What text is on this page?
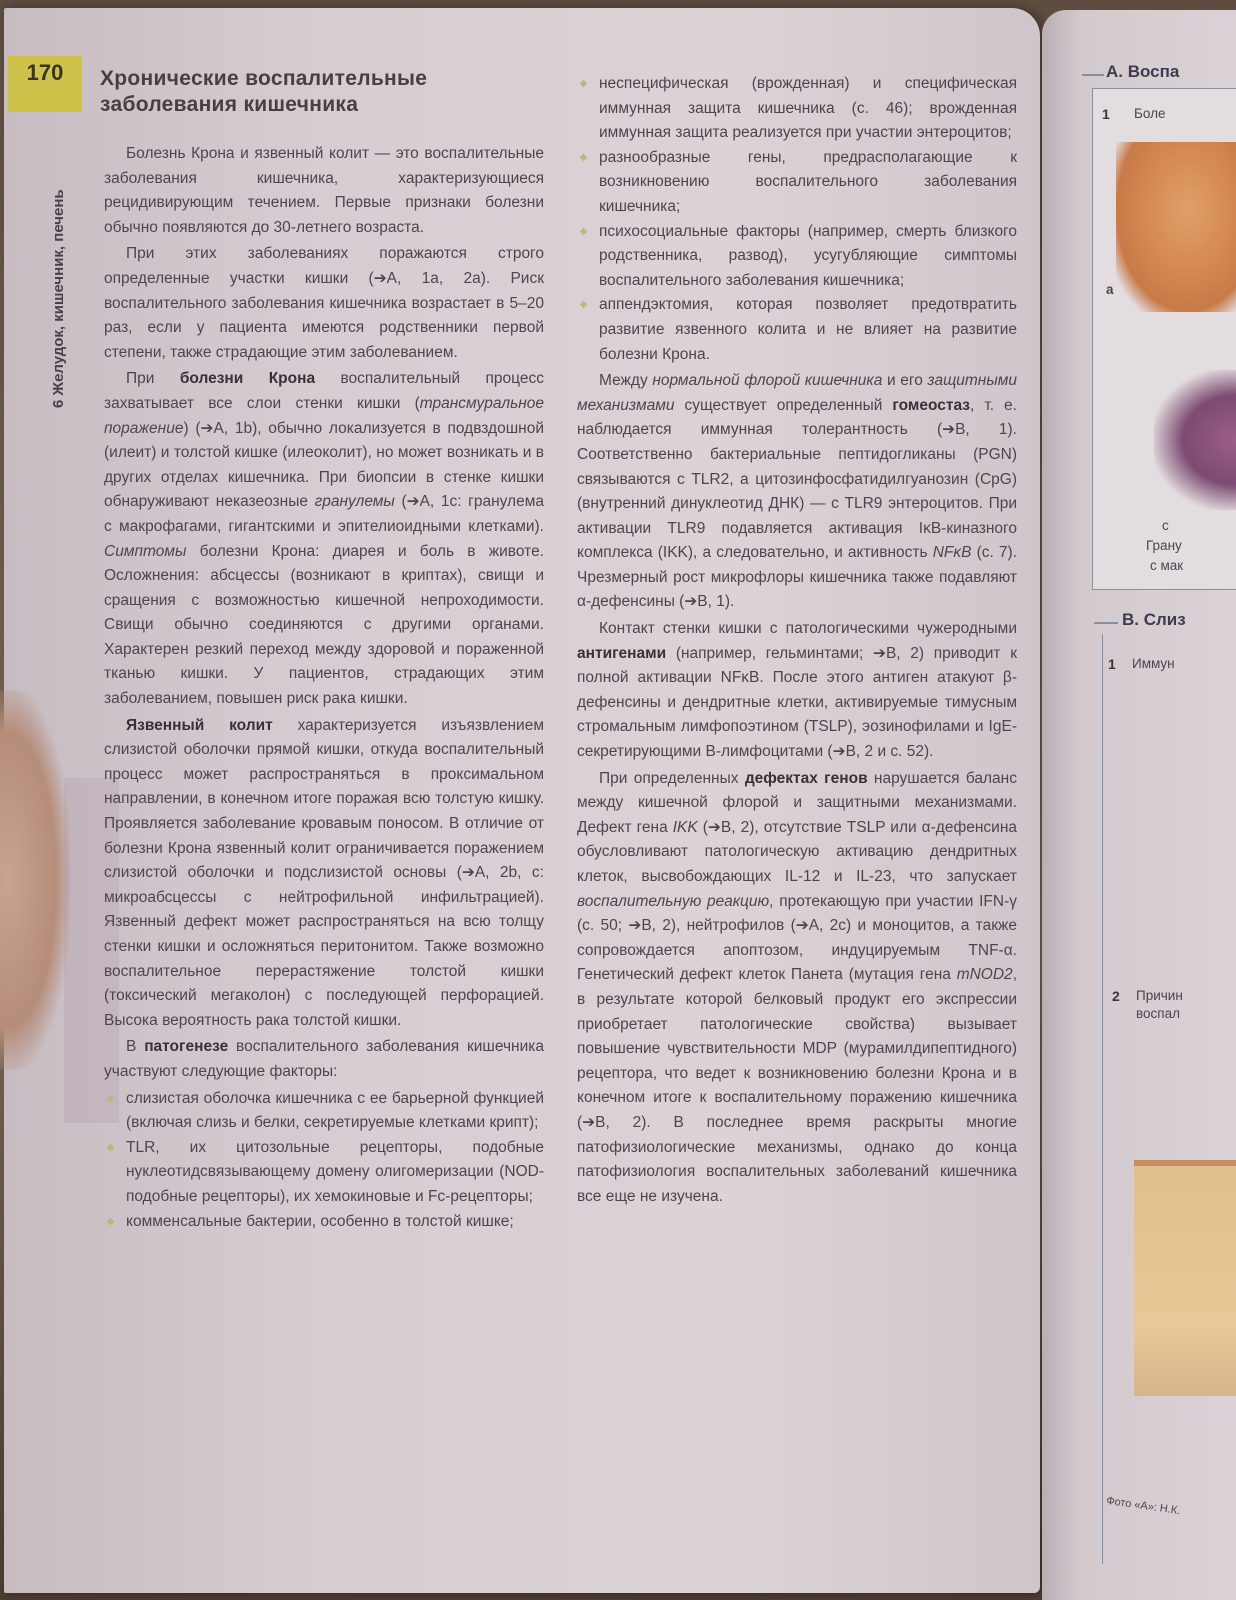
170	Хронические воспалительные
заболевания кишечника
6 Желудок, кишечник, печень

Болезнь Крона и язвенный колит — это воспалительные заболевания кишечника, характеризующиеся рецидивирующим течением. Первые признаки болезни обычно появляются до 30-летнего возраста.

При этих заболеваниях поражаются строго определенные участки кишки (➔A, 1a, 2a). Риск воспалительного заболевания кишечника возрастает в 5–20 раз, если у пациента имеются родственники первой степени, также страдающие этим заболеванием.

При болезни Крона воспалительный процесс захватывает все слои стенки кишки (трансмуральное поражение) (➔A, 1b), обычно локализуется в подвздошной (илеит) и толстой кишке (илеоколит), но может возникать и в других отделах кишечника. При биопсии в стенке кишки обнаруживают неказеозные гранулемы (➔A, 1c: гранулема с макрофагами, гигантскими и эпителиоидными клетками). Симптомы болезни Крона: диарея и боль в животе. Осложнения: абсцессы (возникают в криптах), свищи и сращения с возможностью кишечной непроходимости. Свищи обычно соединяются с другими органами. Характерен резкий переход между здоровой и пораженной тканью кишки. У пациентов, страдающих этим заболеванием, повышен риск рака кишки.

Язвенный колит характеризуется изъязвлением слизистой оболочки прямой кишки, откуда воспалительный процесс может распространяться в проксимальном направлении, в конечном итоге поражая всю толстую кишку. Проявляется заболевание кровавым поносом. В отличие от болезни Крона язвенный колит ограничивается поражением слизистой оболочки и подслизистой основы (➔A, 2b, c: микроабсцессы с нейтрофильной инфильтрацией). Язвенный дефект может распространяться на всю толщу стенки кишки и осложняться перитонитом. Также возможно воспалительное перерастяжение толстой кишки (токсический мегаколон) с последующей перфорацией. Высока вероятность рака толстой кишки.

В патогенезе воспалительного заболевания кишечника участвуют следующие факторы:

слизистая оболочка кишечника с ее барьерной функцией (включая слизь и белки, секретируемые клетками крипт);
TLR, их цитозольные рецепторы, подобные нуклеотидсвязывающему домену олигомеризации (NOD-подобные рецепторы), их хемокиновые и Fc-рецепторы;
комменсальные бактерии, особенно в толстой кишке;
неспецифическая (врожденная) и специфическая иммунная защита кишечника (с. 46); врожденная иммунная защита реализуется при участии энтероцитов;
разнообразные гены, предрасполагающие к возникновению воспалительного заболевания кишечника;
психосоциальные факторы (например, смерть близкого родственника, развод), усугубляющие симптомы воспалительного заболевания кишечника;
аппендэктомия, которая позволяет предотвратить развитие язвенного колита и не влияет на развитие болезни Крона.

Между нормальной флорой кишечника и его защитными механизмами существует определенный гомеостаз, т. е. наблюдается иммунная толерантность (➔B, 1). Соответственно бактериальные пептидогликаны (PGN) связываются с TLR2, а цитозинфосфатидилгуанозин (CpG) (внутренний динуклеотид ДНК) — с TLR9 энтероцитов. При активации TLR9 подавляется активация IκB-киназного комплекса (IKK), а следовательно, и активность NFκB (с. 7). Чрезмерный рост микрофлоры кишечника также подавляют α-дефенсины (➔B, 1).

Контакт стенки кишки с патологическими чужеродными антигенами (например, гельминтами; ➔B, 2) приводит к полной активации NFκB. После этого антиген атакуют β-дефенсины и дендритные клетки, активируемые тимусным стромальным лимфопоэтином (TSLP), эозинофилами и IgE-секретирующими B-лимфоцитами (➔B, 2 и с. 52).

При определенных дефектах генов нарушается баланс между кишечной флорой и защитными механизмами. Дефект гена IKK (➔B, 2), отсутствие TSLP или α-дефенсина обусловливают патологическую активацию дендритных клеток, высвобождающих IL-12 и IL-23, что запускает воспалительную реакцию, протекающую при участии IFN-γ (с. 50; ➔B, 2), нейтрофилов (➔A, 2c) и моноцитов, а также сопровождается апоптозом, индуцируемым TNF-α. Генетический дефект клеток Панета (мутация гена mNOD2, в результате которой белковый продукт его экспрессии приобретает патологические свойства) вызывает повышение чувствительности MDP (мурамилдипептидного) рецептора, что ведет к возникновению болезни Крона и в конечном итоге к воспалительному поражению кишечника (➔B, 2). В последнее время раскрыты многие патофизиологические механизмы, однако до конца патофизиология воспалительных заболеваний кишечника все еще не изучена.

А. Воспа
1 Боле
a
c
Грану
с мак
В. Слиз
1 Иммун
2 Причин
воспал
Фото «А»: Н.К.
